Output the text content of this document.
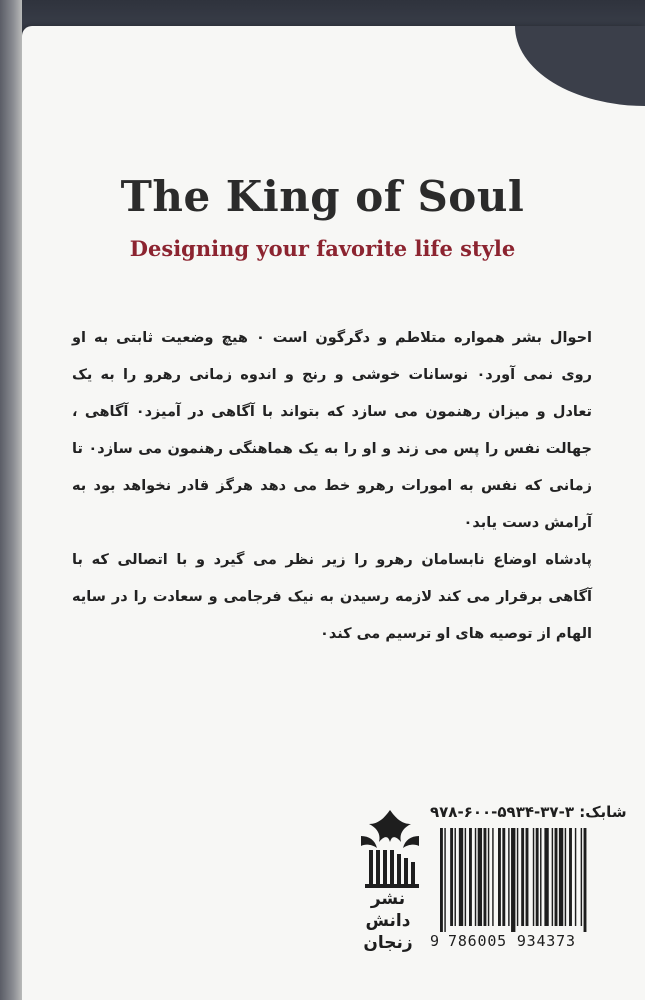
The King of Soul
Designing your favorite life style

احوال بشر همواره متلاطم و دگرگون است ۰ هیچ وضعیت ثابتی به او روی نمی آورد۰ نوسانات خوشی و رنج و اندوه زمانی رهرو را به یک تعادل و میزان رهنمون می سازد که بتواند با آگاهی در آمیزد۰ آگاهی ، جهالت نفس را پس می زند و او را به یک هماهنگی رهنمون می سازد۰ تا زمانی که نفس به امورات رهرو خط می دهد هرگز قادر نخواهد بود به آرامش دست یابد۰

پادشاه اوضاع نابسامان رهرو را زیر نظر می گیرد و با اتصالی که با آگاهی برقرار می کند لازمه رسیدن به نیک فرجامی و سعادت را در سایه الهام از توصیه های او ترسیم می کند۰

نشر دانش
زنجان
شابک: ۳-۳۷-۵۹۳۴-۶۰۰-۹۷۸
9 786005 934373
